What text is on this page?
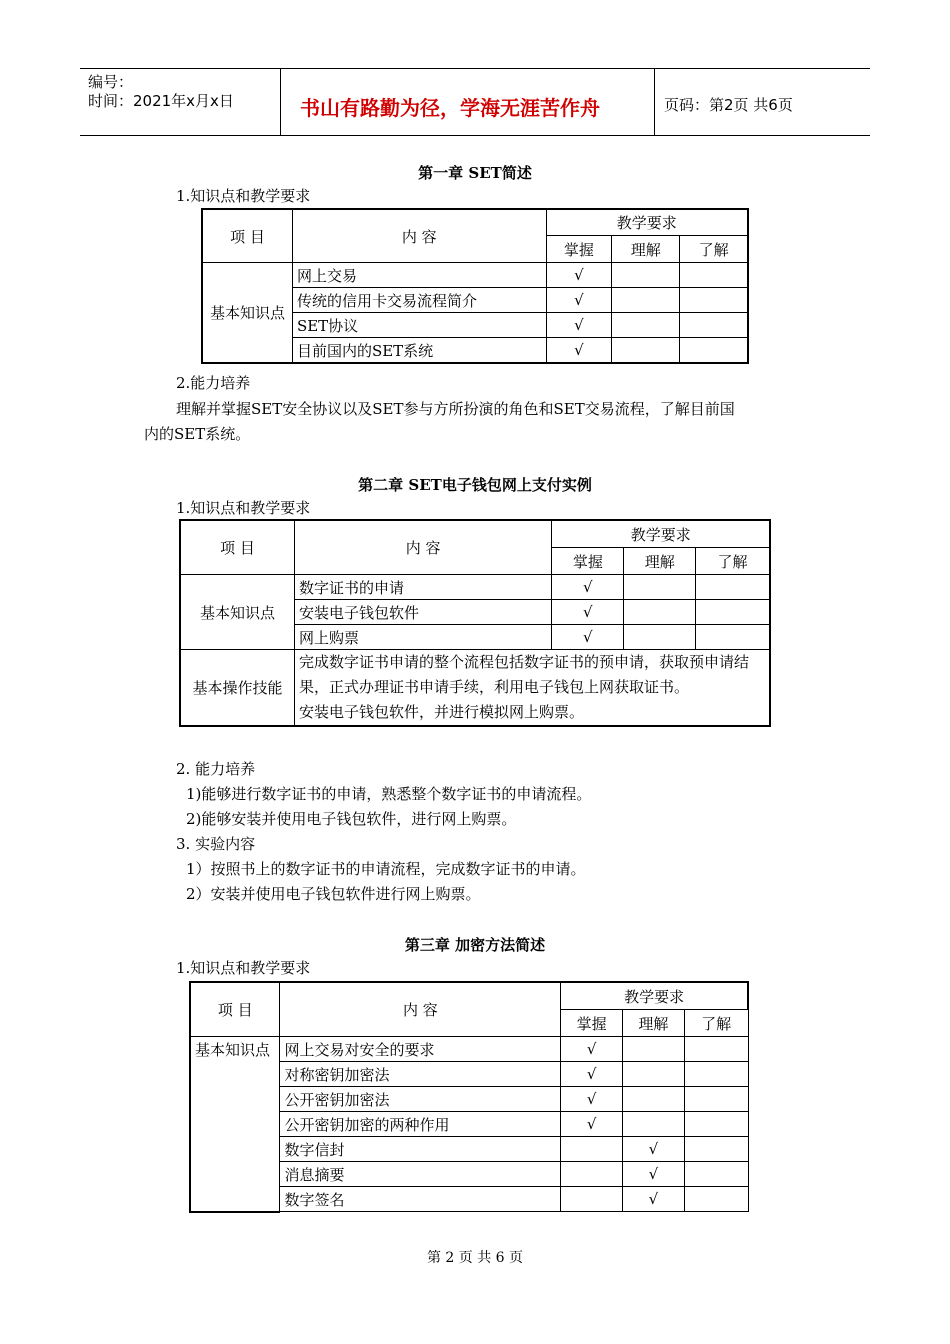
编号：
时间：2021年x月x日	书山有路勤为径，学海无涯苦作舟	页码：第2页 共6页
第一章 SET简述
1.知识点和教学要求
项 目	内 容	教学要求		
		掌握	理解	了解
基本知识点	网上交易	√		
	传统的信用卡交易流程简介	√		
	SET协议	√		
	目前国内的SET系统	√		
2.能力培养
理解并掌握SET安全协议以及SET参与方所扮演的角色和SET交易流程，了解目前国
内的SET系统。
第二章 SET电子钱包网上支付实例
1.知识点和教学要求
项 目	内 容	教学要求		
		掌握	理解	了解
基本知识点	数字证书的申请	√		
	安装电子钱包软件	√		
	网上购票	√		
基本操作技能	完成数字证书申请的整个流程包括数字证书的预申请，获取预申请结果，正式办理证书申请手续，利用电子钱包上网获取证书。
安装电子钱包软件，并进行模拟网上购票。			
2. 能力培养
1)能够进行数字证书的申请，熟悉整个数字证书的申请流程。
2)能够安装并使用电子钱包软件，进行网上购票。
3. 实验内容
1）按照书上的数字证书的申请流程，完成数字证书的申请。
2）安装并使用电子钱包软件进行网上购票。
第三章 加密方法简述
1.知识点和教学要求
项 目	内 容	教学要求		
		掌握	理解	了解
基本知识点	网上交易对安全的要求	√		
	对称密钥加密法	√		
	公开密钥加密法	√		
	公开密钥加密的两种作用	√		
	数字信封		√	
	消息摘要		√	
	数字签名		√	
第 2 页 共 6 页
